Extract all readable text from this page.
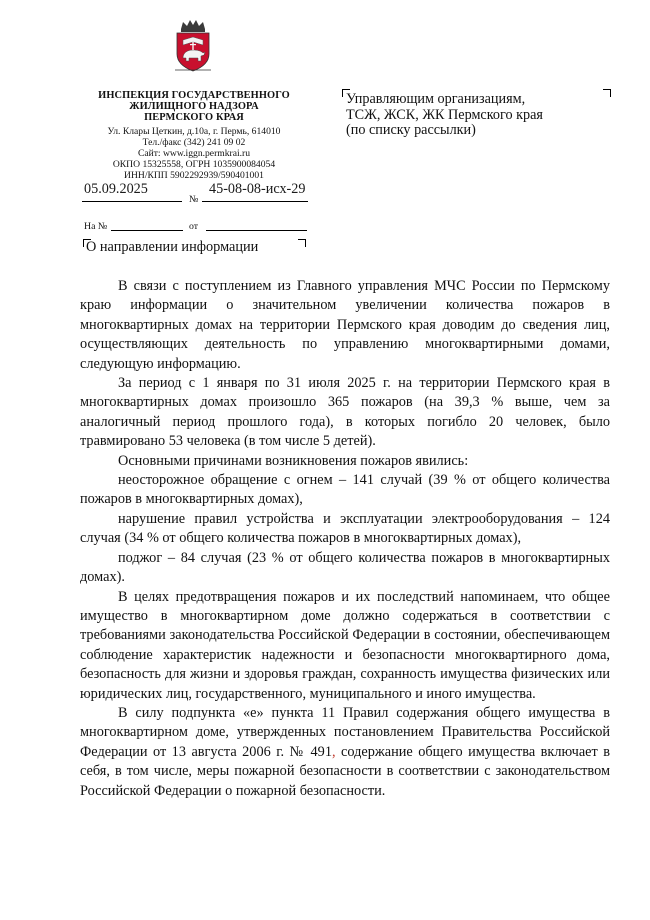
ИНСПЕКЦИЯ ГОСУДАРСТВЕННОГО
ЖИЛИЩНОГО НАДЗОРА
ПЕРМСКОГО КРАЯ
Ул. Клары Цеткин, д.10а, г. Пермь, 614010
Тел./факс (342) 241 09 02
Сайт: www.iggn.permkrai.ru
ОКПО 15325558, ОГРН 1035900084054
ИНН/КПП 5902292939/590401001
05.09.2025
№
45-08-08-исх-29
На №	от
О направлении информации
Управляющим организациям,
ТСЖ, ЖСК, ЖК Пермского края
(по списку рассылки)

В связи с поступлением из Главного управления МЧС России по Пермскому краю информации о значительном увеличении количества пожаров в многоквартирных домах на территории Пермского края доводим до сведения лиц, осуществляющих деятельность по управлению многоквартирными домами, следующую информацию.

За период с 1 января по 31 июля 2025 г. на территории Пермского края в многоквартирных домах произошло 365 пожаров (на 39,3 % выше, чем за аналогичный период прошлого года), в которых погибло 20 человек, было травмировано 53 человека (в том числе 5 детей).

Основными причинами возникновения пожаров явились:

неосторожное обращение с огнем – 141 случай (39 % от общего количества пожаров в многоквартирных домах),

нарушение правил устройства и эксплуатации электрооборудования – 124 случая (34 % от общего количества пожаров в многоквартирных домах),

поджог – 84 случая (23 % от общего количества пожаров в многоквартирных домах).

В целях предотвращения пожаров и их последствий напоминаем, что общее имущество в многоквартирном доме должно содержаться в соответствии с требованиями законодательства Российской Федерации в состоянии, обеспечивающем соблюдение характеристик надежности и безопасности многоквартирного дома, безопасность для жизни и здоровья граждан, сохранность имущества физических или юридических лиц, государственного, муниципального и иного имущества.

В силу подпункта «е» пункта 11 Правил содержания общего имущества в многоквартирном доме, утвержденных постановлением Правительства Российской Федерации от 13 августа 2006 г. № 491, содержание общего имущества включает в себя, в том числе, меры пожарной безопасности в соответствии с законодательством Российской Федерации о пожарной безопасности.
